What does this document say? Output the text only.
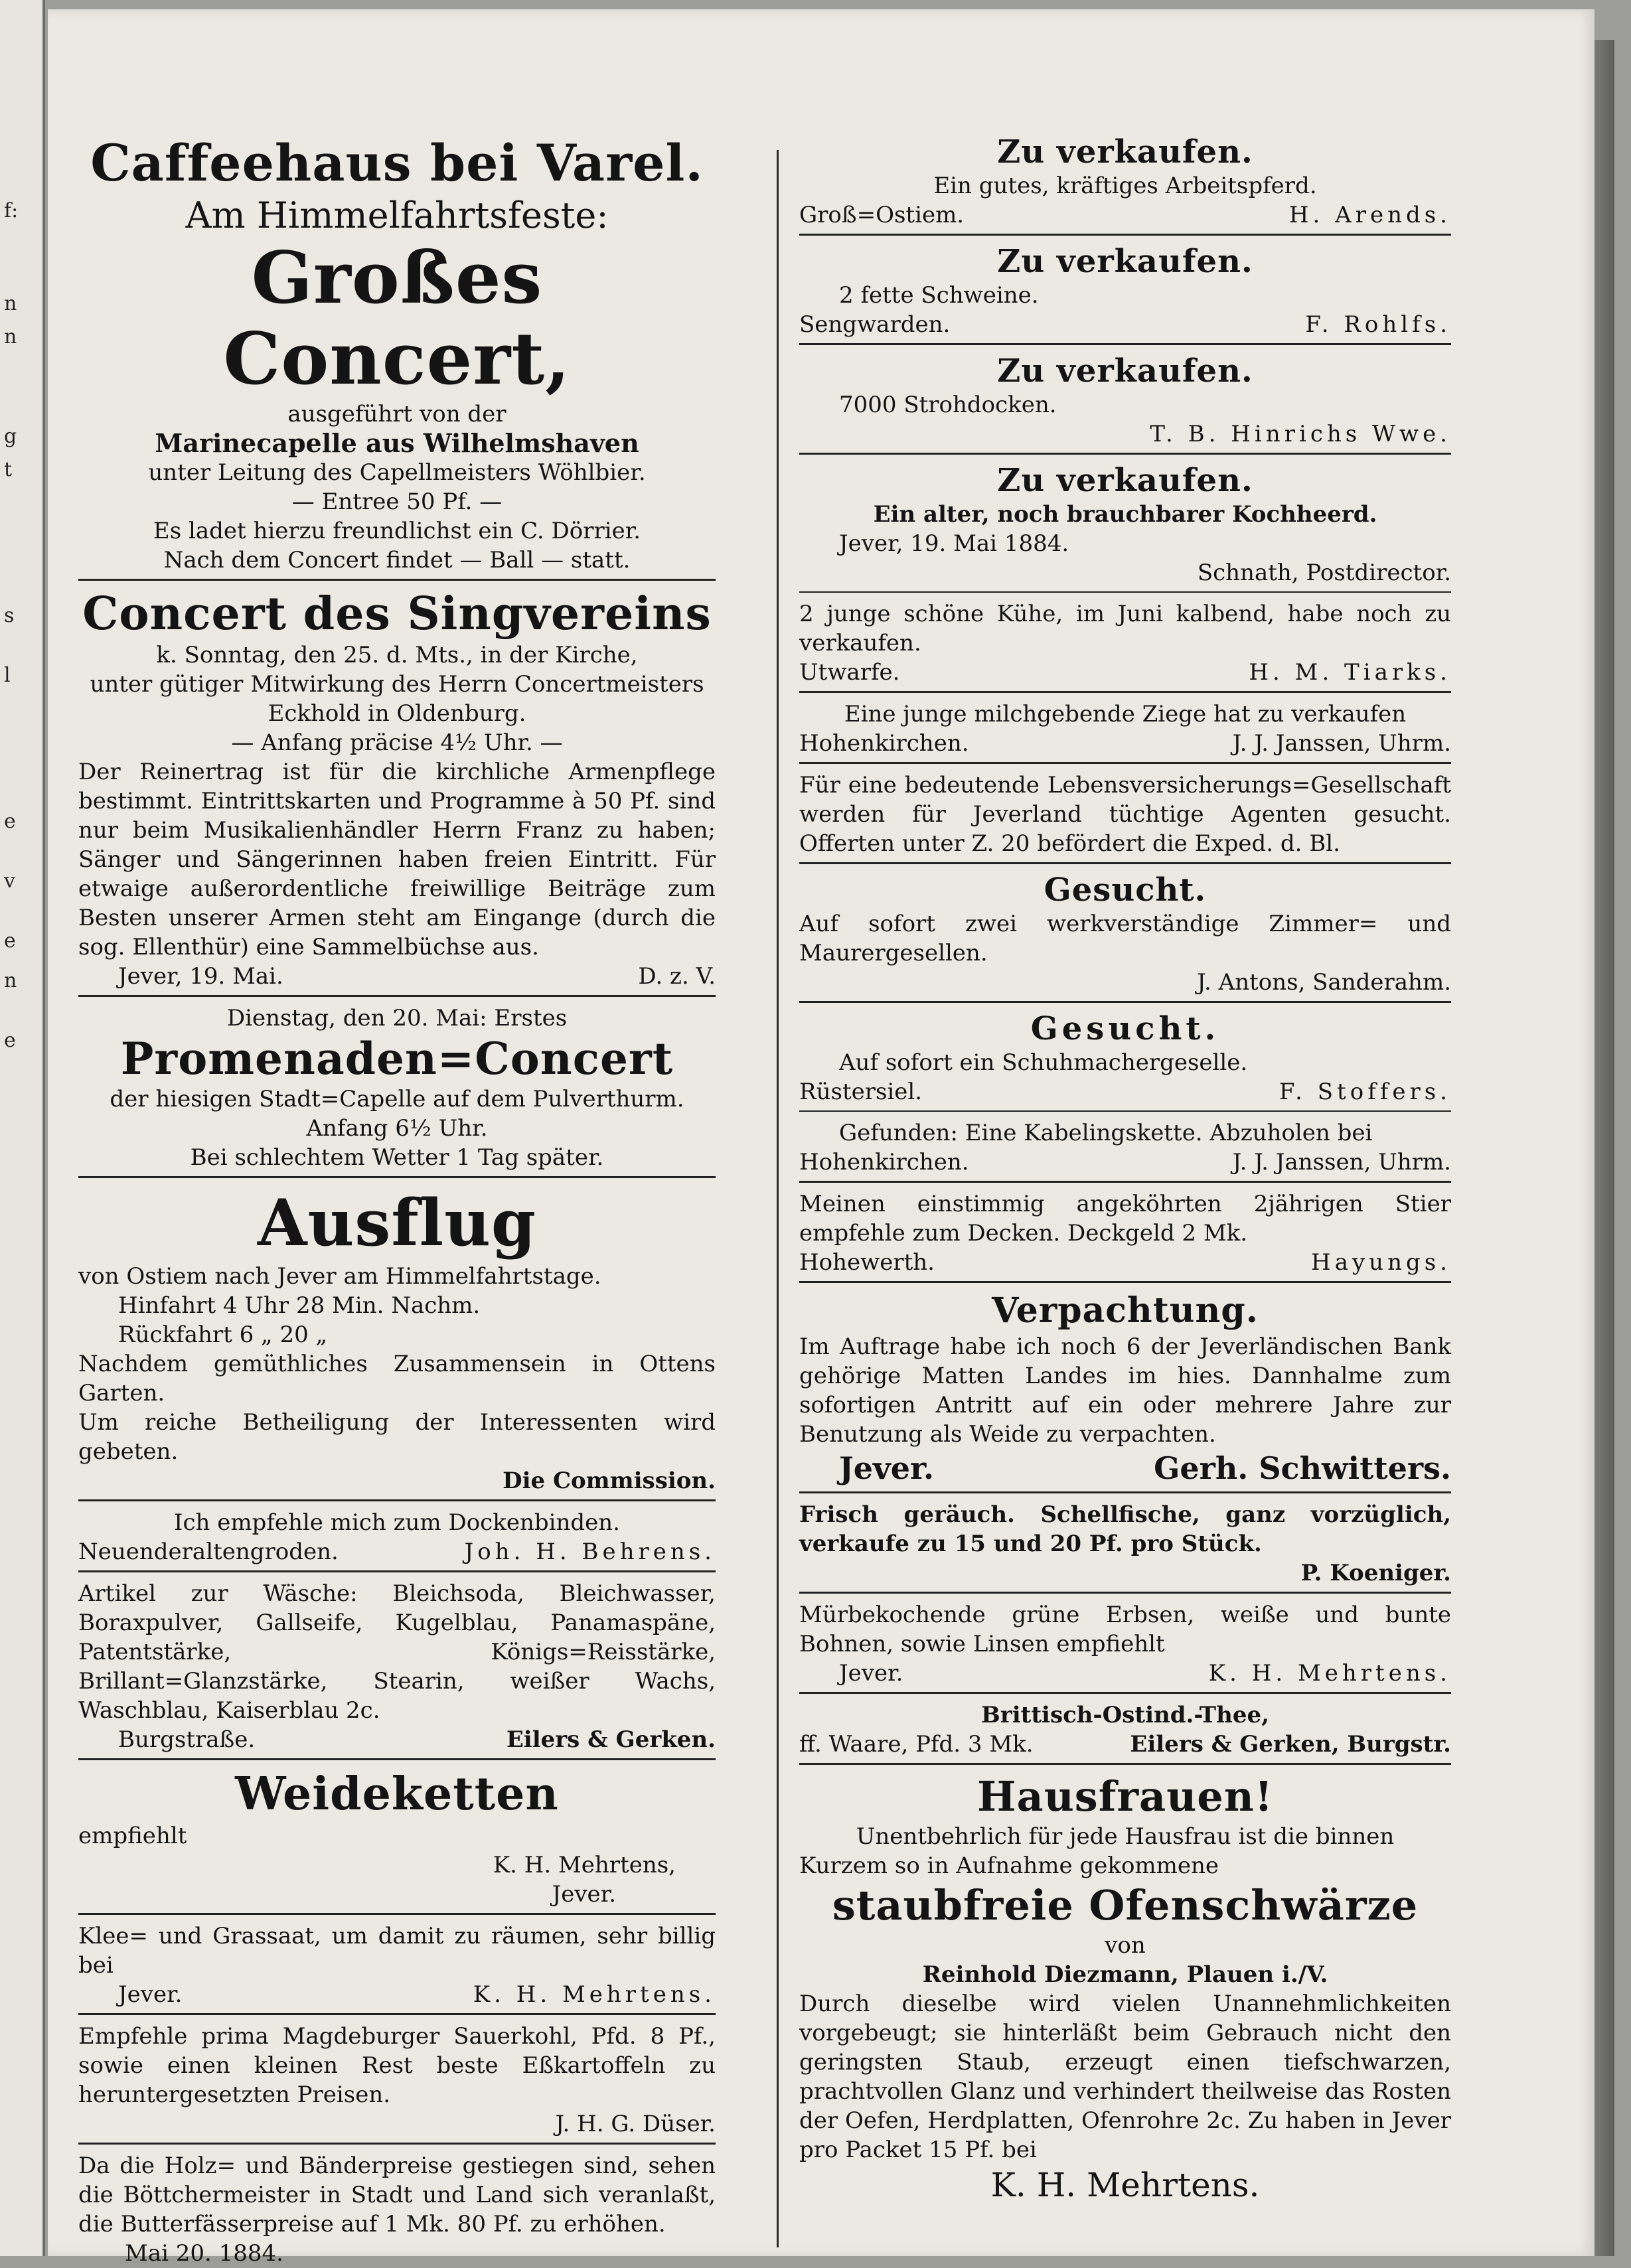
f:
n
n
g
t
s
l
e
v
e
n
e
Caffeehaus bei Varel.
Am Himmelfahrtsfeste:
Großes Concert,
ausgeführt von der
Marinecapelle aus Wilhelmshaven
unter Leitung des Capellmeisters Wöhlbier.
— Entree 50 Pf. —
Es ladet hierzu freundlichst ein C. Dörrier.
Nach dem Concert findet — Ball — statt.
Concert des Singvereins
k. Sonntag, den 25. d. Mts., in der Kirche,
unter gütiger Mitwirkung des Herrn Concertmeisters
Eckhold in Oldenburg.
— Anfang präcise 4½ Uhr. —
Der Reinertrag ist für die kirchliche Armenpflege bestimmt. Eintrittskarten und Programme à 50 Pf. sind nur beim Musikalienhändler Herrn Franz zu haben; Sänger und Sängerinnen haben freien Eintritt. Für etwaige außerordentliche freiwillige Beiträge zum Besten unserer Armen steht am Eingange (durch die sog. Ellenthür) eine Sammelbüchse aus.
Jever, 19. Mai.	D. z. V.
Dienstag, den 20. Mai: Erstes
Promenaden=Concert
der hiesigen Stadt=Capelle auf dem Pulverthurm.
Anfang 6½ Uhr.
Bei schlechtem Wetter 1 Tag später.
Ausflug
von Ostiem nach Jever am Himmelfahrtstage.
Hinfahrt 4 Uhr 28 Min. Nachm.
Rückfahrt 6 „ 20 „
Nachdem gemüthliches Zusammensein in Ottens Garten.
Um reiche Betheiligung der Interessenten wird gebeten.
Die Commission.
Ich empfehle mich zum Dockenbinden.
Neuenderaltengroden.	Joh. H. Behrens.
Artikel zur Wäsche: Bleichsoda, Bleichwasser, Boraxpulver, Gallseife, Kugelblau, Panamaspäne, Patentstärke, Königs=Reisstärke, Brillant=Glanzstärke, Stearin, weißer Wachs, Waschblau, Kaiserblau 2c.
Burgstraße.	Eilers & Gerken.
Weideketten
empfiehlt
K. H. Mehrtens,
Jever.
Klee= und Grassaat, um damit zu räumen, sehr billig bei
Jever.	K. H. Mehrtens.
Empfehle prima Magdeburger Sauerkohl, Pfd. 8 Pf., sowie einen kleinen Rest beste Eßkartoffeln zu heruntergesetzten Preisen.
J. H. G. Düser.
Da die Holz= und Bänderpreise gestiegen sind, sehen die Böttchermeister in Stadt und Land sich veranlaßt, die Butterfässerpreise auf 1 Mk. 80 Pf. zu erhöhen.
Mai 20. 1884.
Zu verkaufen.
Ein gutes, kräftiges Arbeitspferd.
Groß=Ostiem.	H. Arends.
Zu verkaufen.
2 fette Schweine.
Sengwarden.	F. Rohlfs.
Zu verkaufen.
7000 Strohdocken.
T. B. Hinrichs Wwe.
Zu verkaufen.
Ein alter, noch brauchbarer Kochheerd.
Jever, 19. Mai 1884.
Schnath, Postdirector.
2 junge schöne Kühe, im Juni kalbend, habe noch zu verkaufen.
Utwarfe.	H. M. Tiarks.
Eine junge milchgebende Ziege hat zu verkaufen
Hohenkirchen.	J. J. Janssen, Uhrm.
Für eine bedeutende Lebensversicherungs=Gesellschaft werden für Jeverland tüchtige Agenten gesucht. Offerten unter Z. 20 befördert die Exped. d. Bl.
Gesucht.
Auf sofort zwei werkverständige Zimmer= und Maurergesellen.
J. Antons, Sanderahm.
Gesucht.
Auf sofort ein Schuhmachergeselle.
Rüstersiel.	F. Stoffers.
Gefunden: Eine Kabelingskette. Abzuholen bei
Hohenkirchen.	J. J. Janssen, Uhrm.
Meinen einstimmig angeköhrten 2jährigen Stier empfehle zum Decken. Deckgeld 2 Mk.
Hohewerth.	Hayungs.
Verpachtung.
Im Auftrage habe ich noch 6 der Jeverländischen Bank gehörige Matten Landes im hies. Dannhalme zum sofortigen Antritt auf ein oder mehrere Jahre zur Benutzung als Weide zu verpachten.
Jever.	Gerh. Schwitters.
Frisch geräuch. Schellfische, ganz vorzüglich, verkaufe zu 15 und 20 Pf. pro Stück.
P. Koeniger.
Mürbekochende grüne Erbsen, weiße und bunte Bohnen, sowie Linsen empfiehlt
Jever.	K. H. Mehrtens.
Brittisch-Ostind.-Thee,
ff. Waare, Pfd. 3 Mk.	Eilers & Gerken, Burgstr.
Hausfrauen!
Unentbehrlich für jede Hausfrau ist die binnen
Kurzem so in Aufnahme gekommene
staubfreie Ofenschwärze
von
Reinhold Diezmann, Plauen i./V.
Durch dieselbe wird vielen Unannehmlichkeiten vorgebeugt; sie hinterläßt beim Gebrauch nicht den geringsten Staub, erzeugt einen tiefschwarzen, prachtvollen Glanz und verhindert theilweise das Rosten der Oefen, Herdplatten, Ofenrohre 2c. Zu haben in Jever pro Packet 15 Pf. bei
K. H. Mehrtens.
